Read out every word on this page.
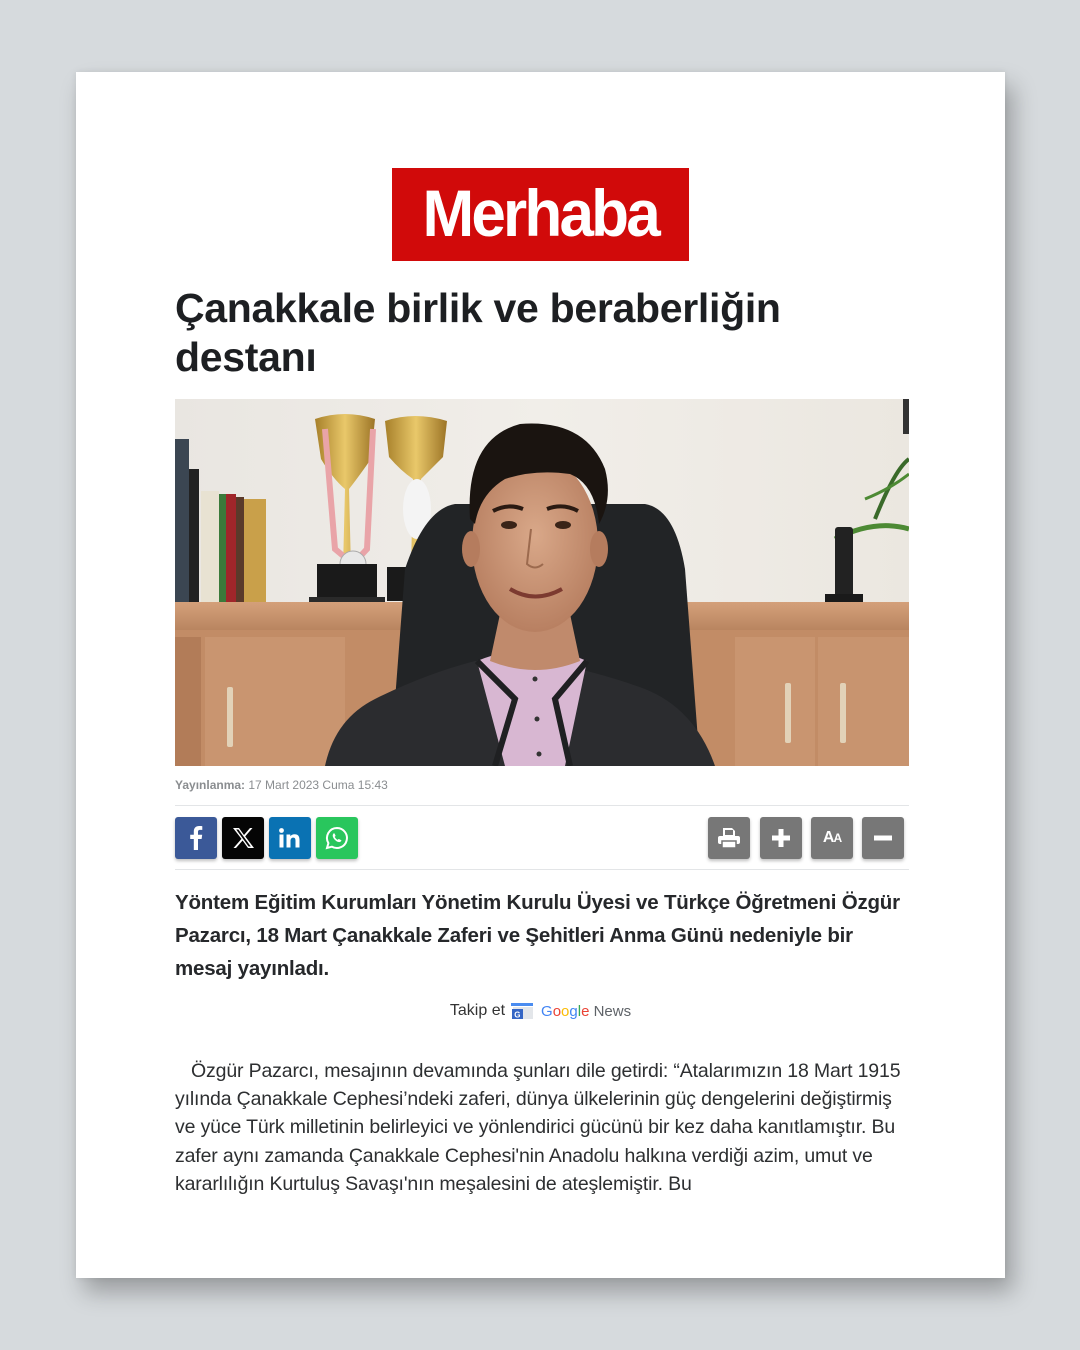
Merhaba
Çanakkale birlik ve beraberliğin destanı
Yayınlanma: 17 Mart 2023 Cuma 15:43
AA

Yöntem Eğitim Kurumları Yönetim Kurulu Üyesi ve Türkçe Öğretmeni Özgür Pazarcı, 18 Mart Çanakkale Zaferi ve Şehitleri Anma Günü nedeniyle bir mesaj yayınladı.

Takip et G Google News

Özgür Pazarcı, mesajının devamında şunları dile getirdi: “Atalarımızın 18 Mart 1915 yılında Çanakkale Cephesi’ndeki zaferi, dünya ülkelerinin güç dengelerini değiştirmiş ve yüce Türk milletinin belirleyici ve yönlendirici gücünü bir kez daha kanıtlamıştır. Bu zafer aynı zamanda Çanakkale Cephesi'nin Anadolu halkına verdiği azim, umut ve kararlılığın Kurtuluş Savaşı'nın meşalesini de ateşlemiştir. Bu
